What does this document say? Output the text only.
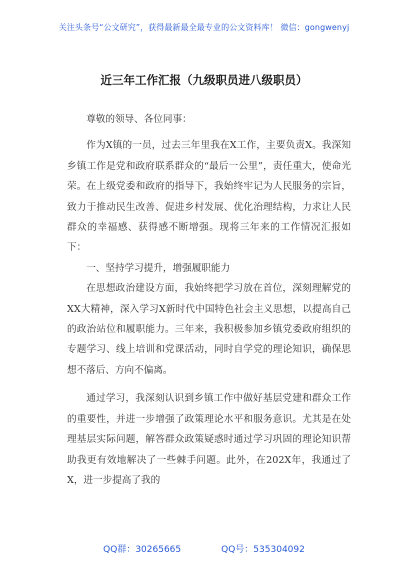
关注头条号“公文研究”，获得最新最全最专业的公文资料库！ 微信：gongwenyj
近三年工作汇报（九级职员进八级职员）

尊敬的领导、各位同事：

作为X镇的一员，过去三年里我在X工作，主要负责X。我深知乡镇工作是党和政府联系群众的“最后一公里”，责任重大，使命光荣。在上级党委和政府的指导下，我始终牢记为人民服务的宗旨，致力于推动民生改善、促进乡村发展、优化治理结构，力求让人民群众的幸福感、获得感不断增强。现将三年来的工作情况汇报如下：

一、坚持学习提升，增强履职能力

在思想政治建设方面，我始终把学习放在首位，深刻理解党的XX大精神，深入学习X新时代中国特色社会主义思想，以提高自己的政治站位和履职能力。三年来，我积极参加乡镇党委政府组织的专题学习、线上培训和党课活动，同时自学党的理论知识，确保思想不落后、方向不偏离。

通过学习，我深刻认识到乡镇工作中做好基层党建和群众工作的重要性，并进一步增强了政策理论水平和服务意识。尤其是在处理基层实际问题，解答群众政策疑惑时通过学习巩固的理论知识帮助我更有效地解决了一些棘手问题。此外，在202X年，我通过了X，进一步提高了我的

QQ群：30265665	QQ号：535304092
